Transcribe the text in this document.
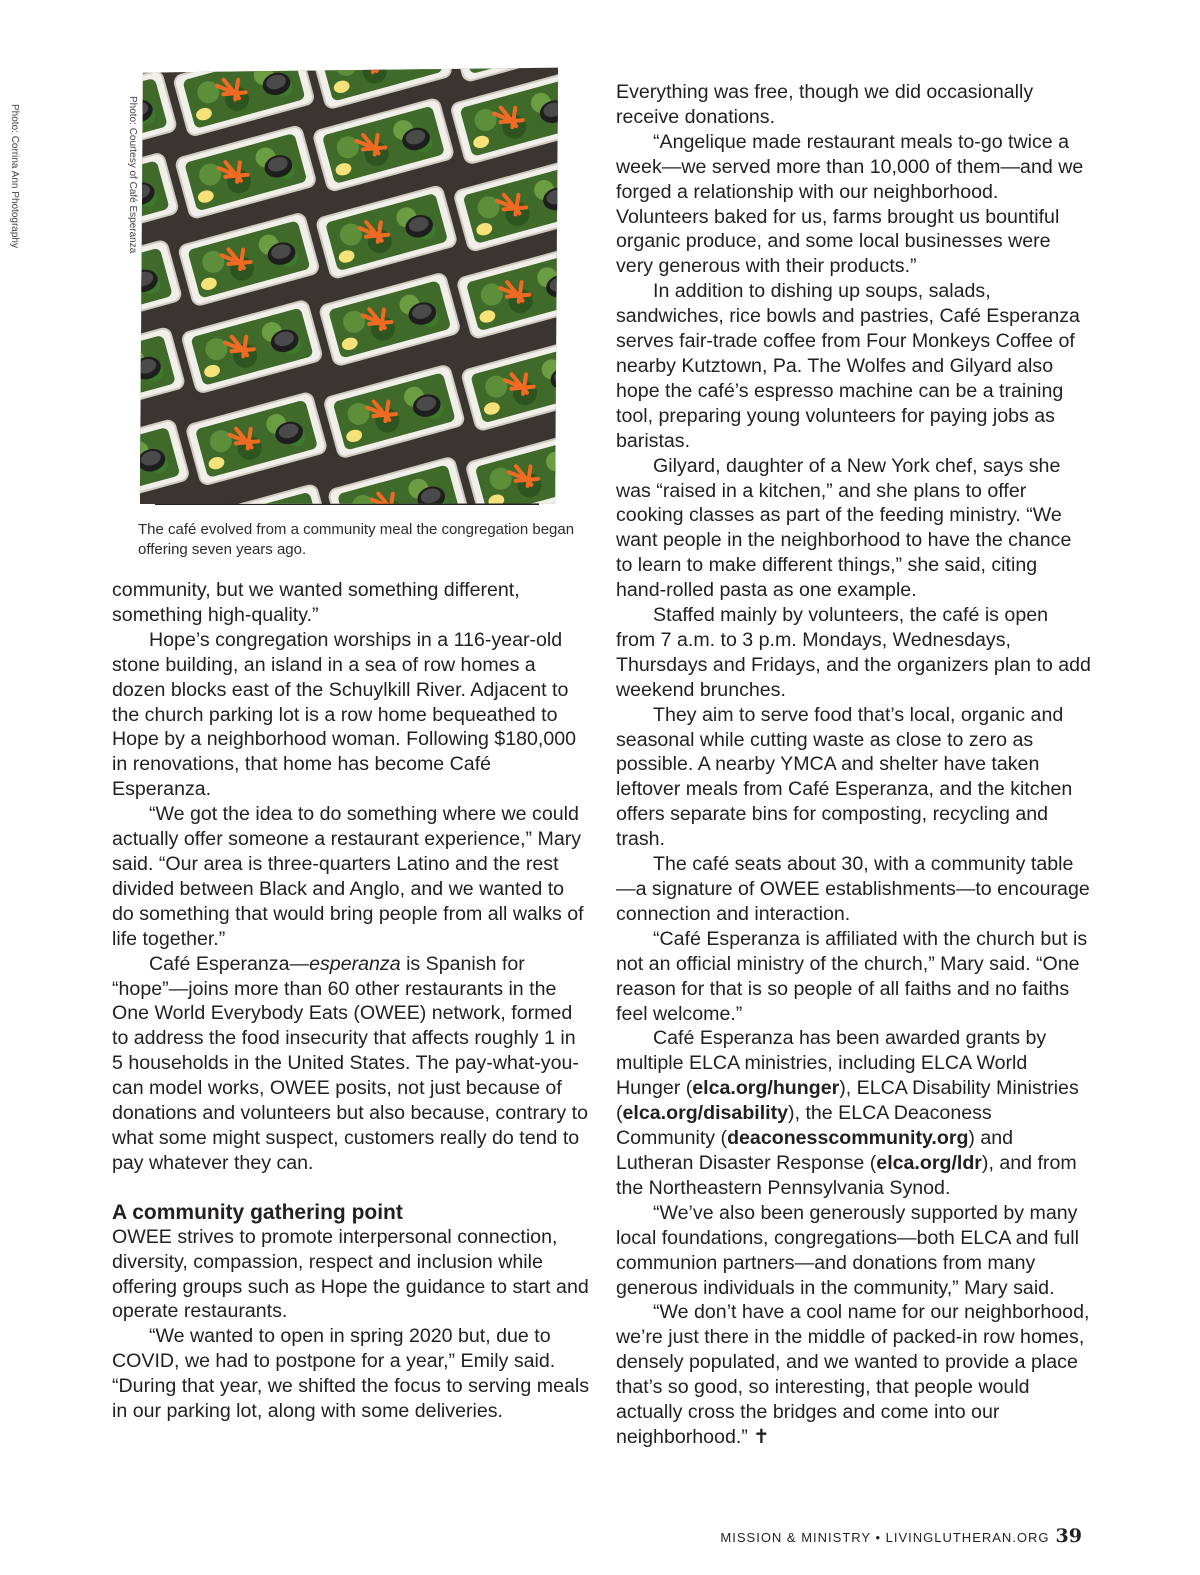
Photo: Corrina Ann Photography	Photo: Courtesy of Café Esperanza
The café evolved from a community meal the congregation began offering seven years ago.

community, but we wanted something different, something high-quality.”

Hope’s congregation worships in a 116-year-old stone building, an island in a sea of row homes a dozen blocks east of the Schuylkill River. Adjacent to the church parking lot is a row home bequeathed to Hope by a neighborhood woman. Following $180,000 in renovations, that home has become Café Esperanza.

“We got the idea to do something where we could actually offer someone a restaurant experience,” Mary said. “Our area is three-quarters Latino and the rest divided between Black and Anglo, and we wanted to do something that would bring people from all walks of life together.”

Café Esperanza—esperanza is Spanish for “hope”—joins more than 60 other restaurants in the One World Everybody Eats (OWEE) network, formed to address the food insecurity that affects roughly 1 in 5 households in the United States. The pay-what-you-can model works, OWEE posits, not just because of donations and volunteers but also because, contrary to what some might suspect, customers really do tend to pay whatever they can.

A community gathering point

OWEE strives to promote interpersonal connection, diversity, compassion, respect and inclusion while offering groups such as Hope the guidance to start and operate restaurants.

“We wanted to open in spring 2020 but, due to COVID, we had to postpone for a year,” Emily said. “During that year, we shifted the focus to serving meals in our parking lot, along with some deliveries.

Everything was free, though we did occasionally receive donations.

“Angelique made restaurant meals to-go twice a week—we served more than 10,000 of them—and we forged a relationship with our neighborhood. Volunteers baked for us, farms brought us bountiful organic produce, and some local businesses were very generous with their products.”

In addition to dishing up soups, salads, sandwiches, rice bowls and pastries, Café Esperanza serves fair-trade coffee from Four Monkeys Coffee of nearby Kutztown, Pa. The Wolfes and Gilyard also hope the café’s espresso machine can be a training tool, preparing young volunteers for paying jobs as baristas.

Gilyard, daughter of a New York chef, says she was “raised in a kitchen,” and she plans to offer cooking classes as part of the feeding ministry. “We want people in the neighborhood to have the chance to learn to make different things,” she said, citing hand-rolled pasta as one example.

Staffed mainly by volunteers, the café is open from 7 a.m. to 3 p.m. Mondays, Wednesdays, Thursdays and Fridays, and the organizers plan to add weekend brunches.

They aim to serve food that’s local, organic and seasonal while cutting waste as close to zero as possible. A nearby YMCA and shelter have taken leftover meals from Café Esperanza, and the kitchen offers separate bins for composting, recycling and trash.

The café seats about 30, with a community table—a signature of OWEE establishments—to encourage connection and interaction.

“Café Esperanza is affiliated with the church but is not an official ministry of the church,” Mary said. “One reason for that is so people of all faiths and no faiths feel welcome.”

Café Esperanza has been awarded grants by multiple ELCA ministries, including ELCA World Hunger (elca.org/hunger), ELCA Disability Ministries (elca.org/disability), the ELCA Deaconess Community (deaconesscommunity.org) and Lutheran Disaster Response (elca.org/ldr), and from the Northeastern Pennsylvania Synod.

“We’ve also been generously supported by many local foundations, congregations—both ELCA and full communion partners—and donations from many generous individuals in the community,” Mary said.

“We don’t have a cool name for our neighborhood, we’re just there in the middle of packed-in row homes, densely populated, and we wanted to provide a place that’s so good, so interesting, that people would actually cross the bridges and come into our neighborhood.” ✝

MISSION & MINISTRY • LIVINGLUTHERAN.ORG 39
